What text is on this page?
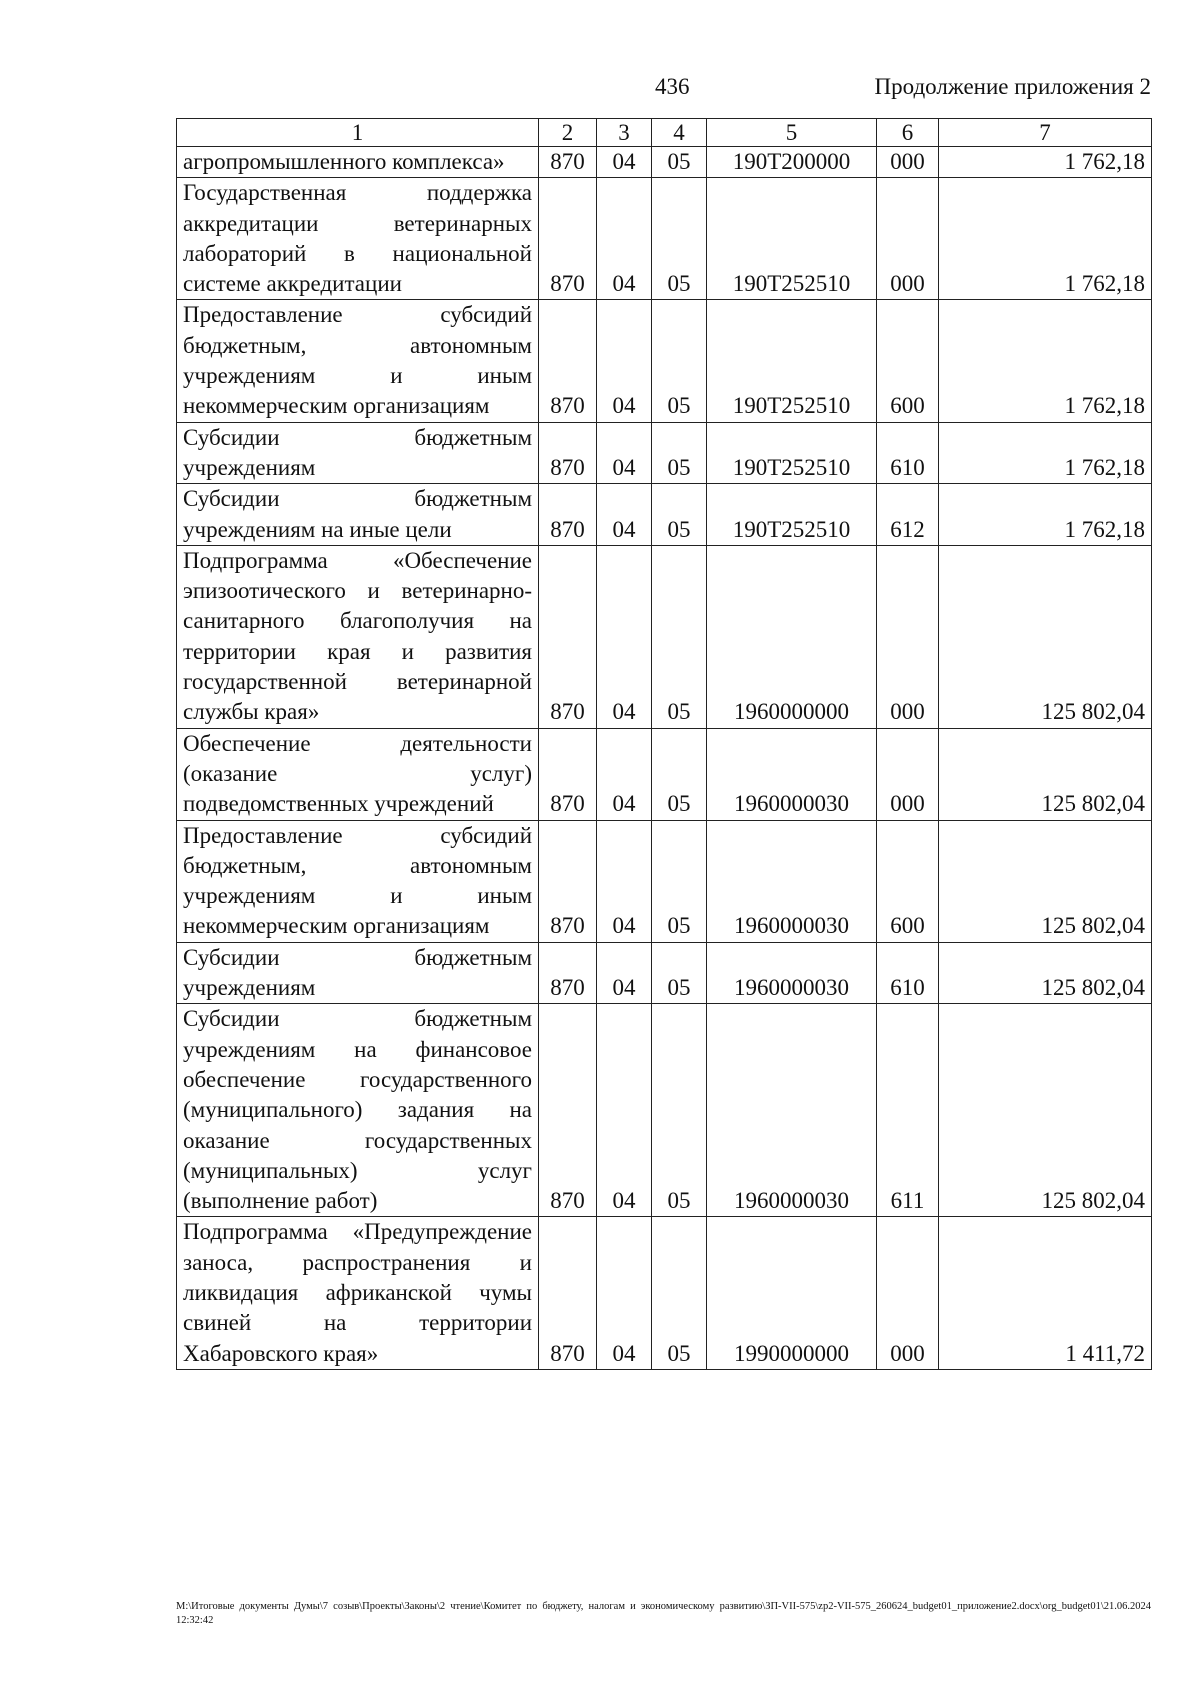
436	Продолжение приложения 2
1	2	3	4	5	6	7
агропромышленного комплекса»	870	04	05	190Т200000	000	1 762,18
Государственная поддержка аккредитации ветеринарных лабораторий в национальной системе аккредитации	870	04	05	190Т252510	000	1 762,18
Предоставление субсидий бюджетным, автономным учреждениям и иным некоммерческим организациям	870	04	05	190Т252510	600	1 762,18
Субсидии бюджетным учреждениям	870	04	05	190Т252510	610	1 762,18
Субсидии бюджетным учреждениям на иные цели	870	04	05	190Т252510	612	1 762,18
Подпрограмма «Обеспечение эпизоотического и ветеринарно-санитарного благополучия на территории края и развития государственной ветеринарной службы края»	870	04	05	1960000000	000	125 802,04
Обеспечение деятельности (оказание услуг) подведомственных учреждений	870	04	05	1960000030	000	125 802,04
Предоставление субсидий бюджетным, автономным учреждениям и иным некоммерческим организациям	870	04	05	1960000030	600	125 802,04
Субсидии бюджетным учреждениям	870	04	05	1960000030	610	125 802,04
Субсидии бюджетным учреждениям на финансовое обеспечение государственного (муниципального) задания на оказание государственных (муниципальных) услуг (выполнение работ)	870	04	05	1960000030	611	125 802,04
Подпрограмма «Предупреждение заноса, распространения и ликвидация африканской чумы свиней на территории Хабаровского края»	870	04	05	1990000000	000	1 411,72
M:\Итоговые документы Думы\7 созыв\Проекты\Законы\2 чтение\Комитет по бюджету, налогам и экономическому развитию\ЗП-VII-575\zp2-VII-575_260624_budget01_приложение2.docx\org_budget01\21.06.2024 12:32:42
